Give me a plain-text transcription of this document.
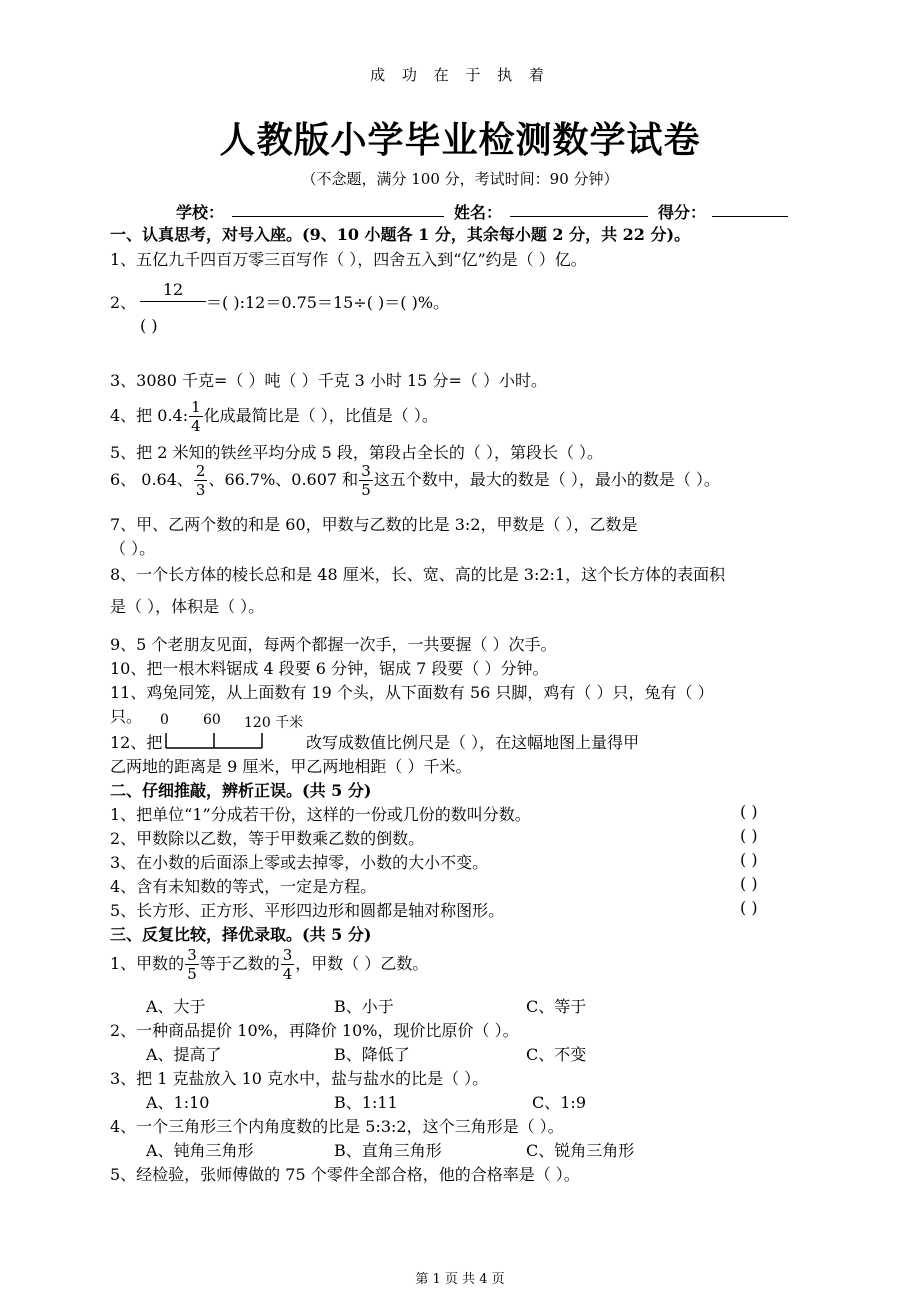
成 功 在 于 执 着
人教版小学毕业检测数学试卷
（不念题，满分 100 分，考试时间：90 分钟）
学校：	姓名：	得分：
一、认真思考，对号入座。(9、10 小题各 1 分，其余每小题 2 分，共 22 分)。
1、五亿九千四百万零三百写作（ ），四舍五入到“亿”约是（ ）亿。
2、
12
＝( ):12＝0.75＝15÷( )＝( )%。
( )
3、3080 千克=（ ）吨（ ）千克 3 小时 15 分=（ ）小时。
4、把 0.4: $\frac{1}{4}$ 化成最简比是（ ），比值是（ ）。
5、把 2 米知的铁丝平均分成 5 段，第段占全长的（ ），第段长（ ）。
6、 0.64、 $\frac{2}{3}$ 、66.7%、0.607 和 $\frac{3}{5}$ 这五个数中，最大的数是（ ），最小的数是（ ）。
7、甲、乙两个数的和是 60，甲数与乙数的比是 3:2，甲数是（ ），乙数是
（ ）。
8、一个长方体的棱长总和是 48 厘米，长、宽、高的比是 3:2:1，这个长方体的表面积
是（ ），体积是（ ）。
9、5 个老朋友见面，每两个都握一次手，一共要握（ ）次手。
10、把一根木料锯成 4 段要 6 分钟，锯成 7 段要（ ）分钟。
11、鸡兔同笼，从上面数有 19 个头，从下面数有 56 只脚，鸡有（ ）只，兔有（ ）
只。 0 60 120 千米
12、把	改写成数值比例尺是（ ），在这幅地图上量得甲
乙两地的距离是 9 厘米，甲乙两地相距（ ）千米。
二、仔细推敲，辨析正误。(共 5 分)
1、把单位“1”分成若干份，这样的一份或几份的数叫分数。	( )
2、甲数除以乙数，等于甲数乘乙数的倒数。	( )
3、在小数的后面添上零或去掉零，小数的大小不变。	( )
4、含有未知数的等式，一定是方程。	( )
5、长方形、正方形、平形四边形和圆都是轴对称图形。	( )
三、反复比较，择优录取。(共 5 分)
1、甲数的 $\frac{3}{5}$ 等于乙数的 $\frac{3}{4}$ ，甲数（ ）乙数。
A、大于	B、小于	C、等于
2、一种商品提价 10%，再降价 10%，现价比原价（ ）。
A、提高了	B、降低了	C、不变
3、把 1 克盐放入 10 克水中，盐与盐水的比是（ ）。
A、1:10	B、1:11	C、1:9
4、一个三角形三个内角度数的比是 5:3:2，这个三角形是（ ）。
A、钝角三角形	B、直角三角形	C、锐角三角形
5、经检验，张师傅做的 75 个零件全部合格，他的合格率是（ ）。
第 1 页 共 4 页
